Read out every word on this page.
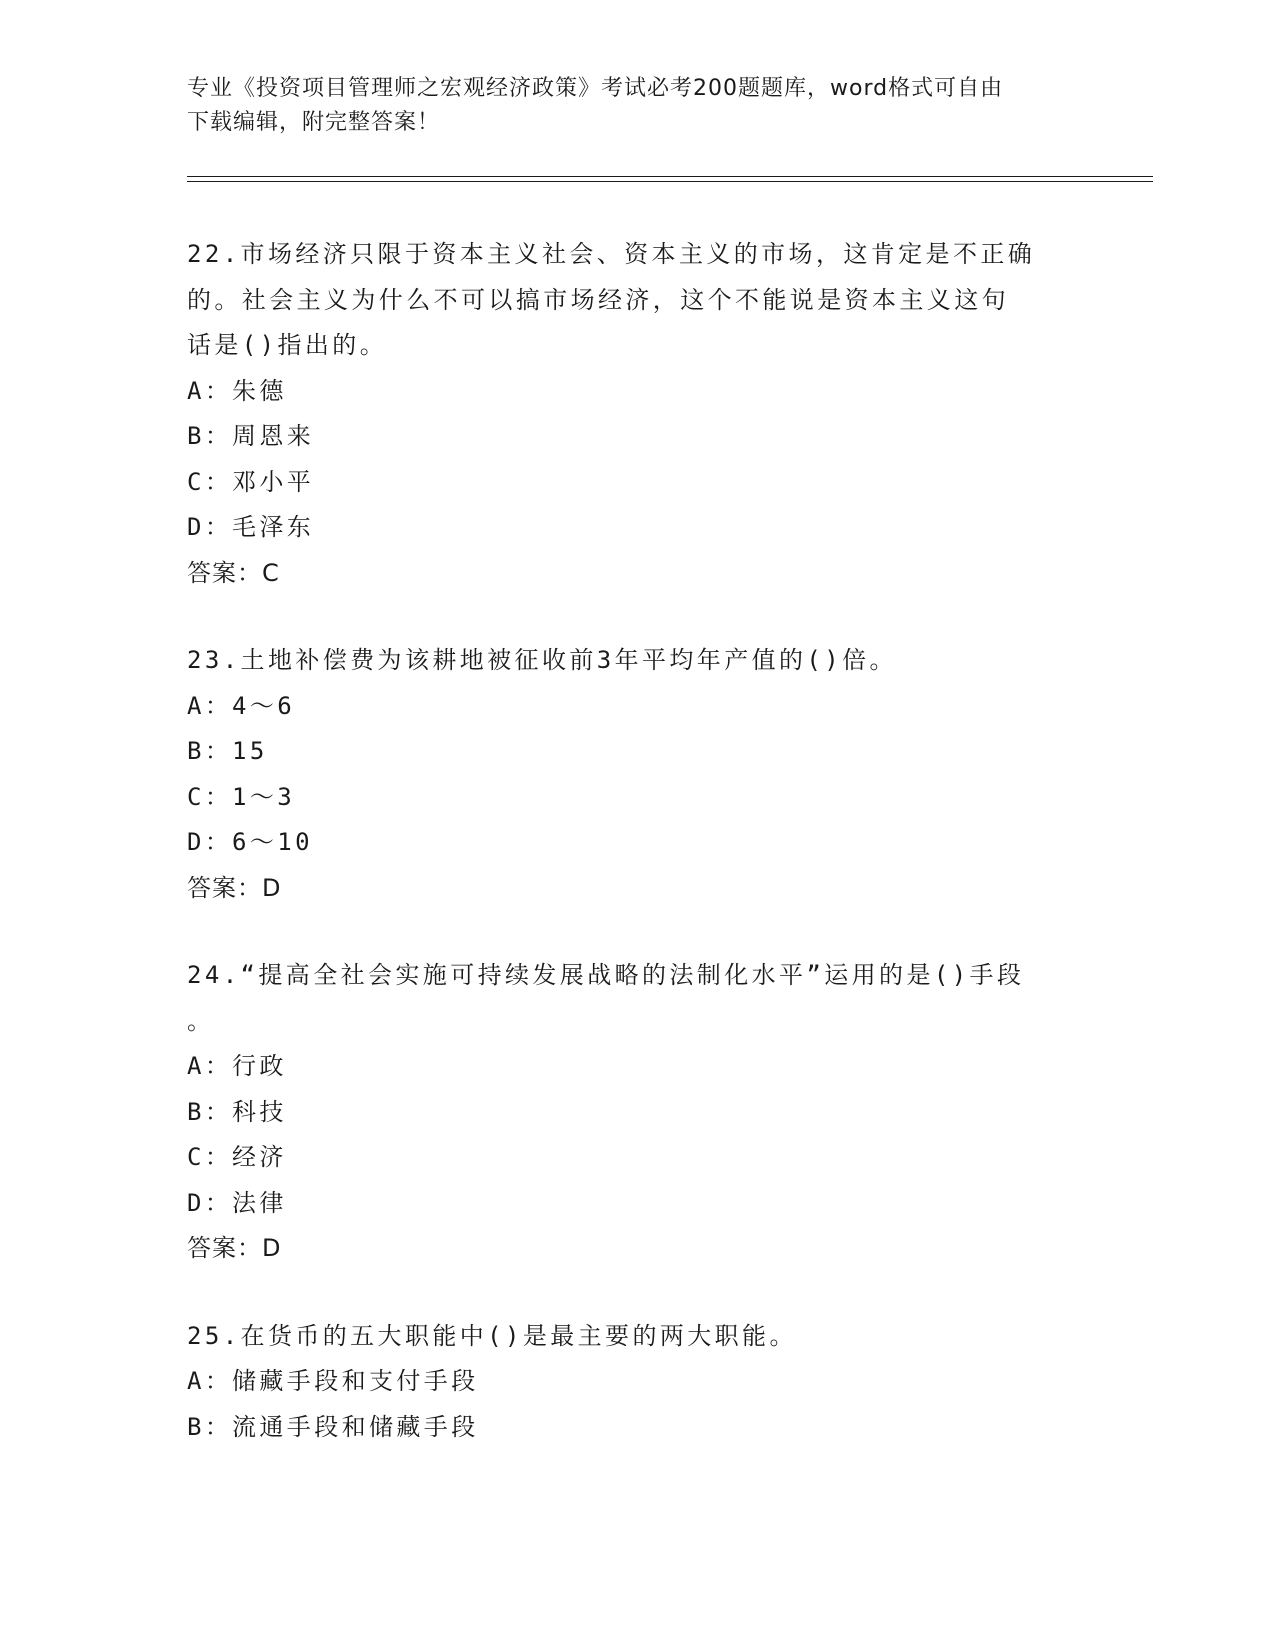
专业《投资项目管理师之宏观经济政策》考试必考200题题库，word格式可自由
下载编辑，附完整答案！

22.市场经济只限于资本主义社会、资本主义的市场，这肯定是不正确
的。社会主义为什么不可以搞市场经济，这个不能说是资本主义这句
话是()指出的。

A： 朱德
B： 周恩来
C： 邓小平
D： 毛泽东
答案： C

23.土地补偿费为该耕地被征收前3年平均年产值的()倍。

A： 4～6
B： 15
C： 1～3
D： 6～10
答案： D

24.“提高全社会实施可持续发展战略的法制化水平”运用的是()手段
。

A： 行政
B： 科技
C： 经济
D： 法律
答案： D

25.在货币的五大职能中()是最主要的两大职能。

A： 储藏手段和支付手段
B： 流通手段和储藏手段
